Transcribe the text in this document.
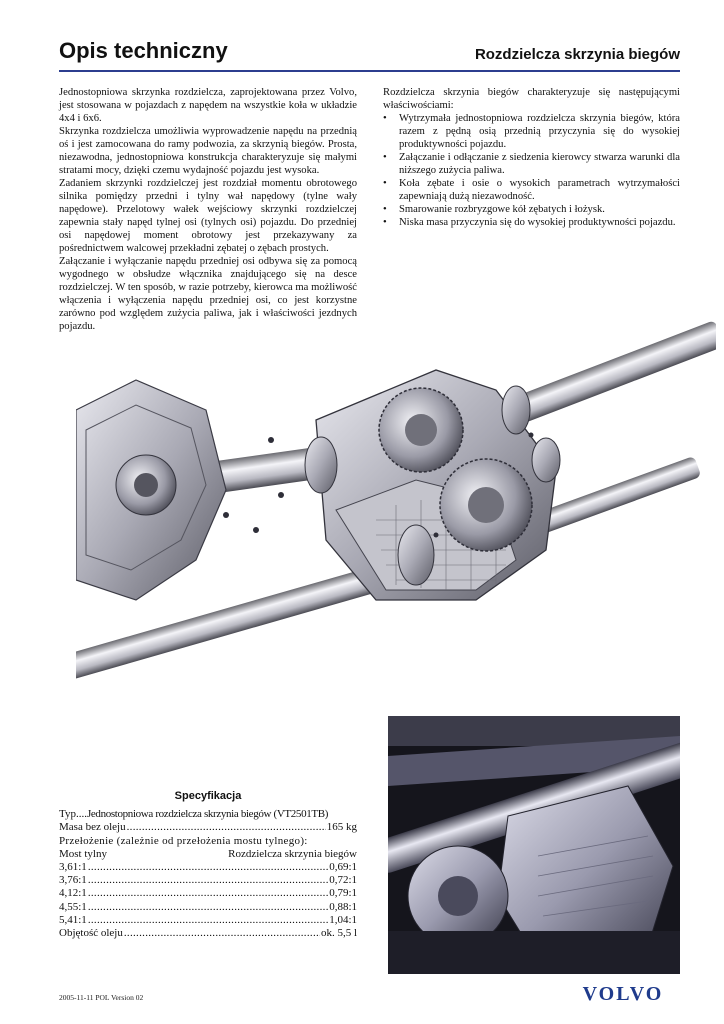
Opis techniczny	Rozdzielcza skrzynia biegów

Jednostopniowa skrzynka rozdzielcza, zaprojektowana przez Volvo, jest stosowana w pojazdach z napędem na wszystkie koła w układzie 4x4 i 6x6.

Skrzynka rozdzielcza umożliwia wyprowadzenie napędu na przednią oś i jest zamocowana do ramy podwozia, za skrzynią biegów. Prosta, niezawodna, jednostopniowa konstrukcja charakteryzuje się małymi stratami mocy, dzięki czemu wydajność pojazdu jest wysoka.

Zadaniem skrzynki rozdzielczej jest rozdział momentu obrotowego silnika pomiędzy przedni i tylny wał napędowy (tylne wały napędowe). Przelotowy wałek wejściowy skrzynki rozdzielczej zapewnia stały napęd tylnej osi (tylnych osi) pojazdu. Do przedniej osi napędowej moment obrotowy jest przekazywany za pośrednictwem walcowej przekładni zębatej o zębach prostych.

Załączanie i wyłączanie napędu przedniej osi odbywa się za pomocą wygodnego w obsłudze włącznika znajdującego się na desce rozdzielczej. W ten sposób, w razie potrzeby, kierowca ma możliwość włączenia i wyłączenia napędu przedniej osi, co jest korzystne zarówno pod względem zużycia paliwa, jak i właściwości jezdnych pojazdu.

Rozdzielcza skrzynia biegów charakteryzuje się następującymi właściwościami:

• Wytrzymała jednostopniowa rozdzielcza skrzynia biegów, która razem z pędną osią przednią przyczynia się do wysokiej produktywności pojazdu.
• Załączanie i odłączanie z siedzenia kierowcy stwarza warunki dla niższego zużycia paliwa.
• Koła zębate i osie o wysokich parametrach wytrzymałości zapewniają dużą niezawodność.
• Smarowanie rozbryzgowe kół zębatych i łożysk.
• Niska masa przyczynia się do wysokiej produktywności pojazdu.
Specyfikacja
Typ .... Jednostopniowa rozdzielcza skrzynia biegów (VT2501TB)
Masa bez oleju .....	165 kg
Przełożenie (zależnie od przełożenia mostu tylnego):
Most tylny	Rozdzielcza skrzynia biegów
3,61:1 .....	0,69:1
3,76:1 .....	0,72:1
4,12:1 .....	0,79:1
4,55:1 .....	0,88:1
5,41:1 .....	1,04:1
Objętość oleju .....	ok. 5,5 l
2005-11-11 POL Version 02	VOLVO
